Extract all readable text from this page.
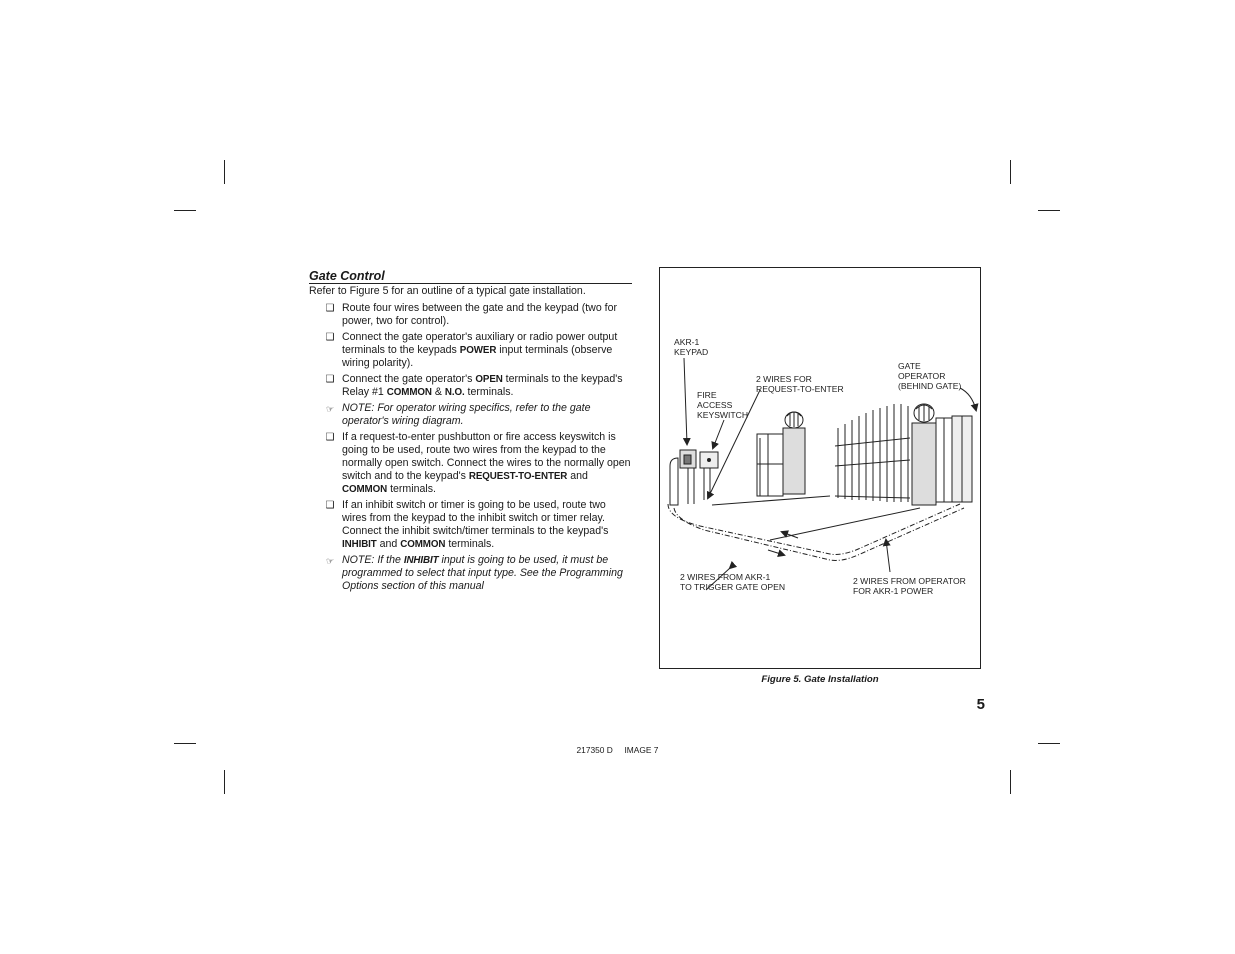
Gate Control

Refer to Figure 5 for an outline of a typical gate installation.

❑ Route four wires between the gate and the keypad (two for power, two for control).
❑ Connect the gate operator's auxiliary or radio power output terminals to the keypads POWER input terminals (observe wiring polarity).
❑ Connect the gate operator's OPEN terminals to the keypad's Relay #1 COMMON & N.O. terminals.
☞ NOTE: For operator wiring specifics, refer to the gate operator's wiring diagram.
❑ If a request-to-enter pushbutton or fire access keyswitch is going to be used, route two wires from the keypad to the normally open switch. Connect the wires to the normally open switch and to the keypad's REQUEST-TO-ENTER and COMMON terminals.
❑ If an inhibit switch or timer is going to be used, route two wires from the keypad to the inhibit switch or timer relay. Connect the inhibit switch/timer terminals to the keypad's INHIBIT and COMMON terminals.
☞ NOTE: If the INHIBIT input is going to be used, it must be programmed to select that input type. See the Programming Options section of this manual
AKR-1
KEYPAD
FIRE
ACCESS
KEYSWITCH
2 WIRES FOR
REQUEST-TO-ENTER
GATE
OPERATOR
(BEHIND GATE)
2 WIRES FROM AKR-1
TO TRIGGER GATE OPEN
2 WIRES FROM OPERATOR
FOR AKR-1 POWER
Figure 5. Gate Installation
5
217350 D IMAGE 7
